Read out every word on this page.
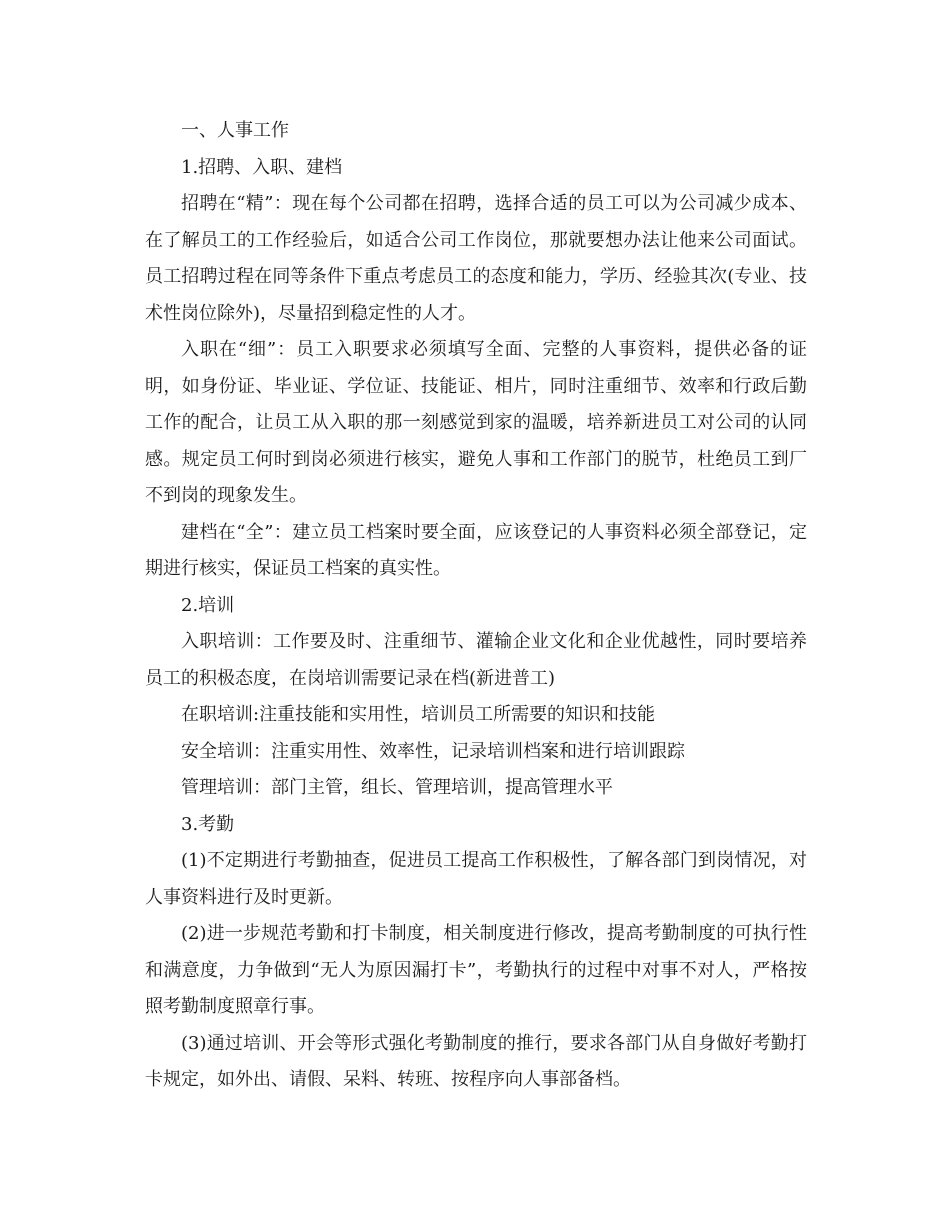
一、人事工作

1.招聘、入职、建档

招聘在“精”：现在每个公司都在招聘，选择合适的员工可以为公司减少成本、在了解员工的工作经验后，如适合公司工作岗位，那就要想办法让他来公司面试。员工招聘过程在同等条件下重点考虑员工的态度和能力，学历、经验其次(专业、技术性岗位除外)，尽量招到稳定性的人才。

入职在“细”：员工入职要求必须填写全面、完整的人事资料，提供必备的证明，如身份证、毕业证、学位证、技能证、相片，同时注重细节、效率和行政后勤工作的配合，让员工从入职的那一刻感觉到家的温暖，培养新进员工对公司的认同感。规定员工何时到岗必须进行核实，避免人事和工作部门的脱节，杜绝员工到厂不到岗的现象发生。

建档在“全”：建立员工档案时要全面，应该登记的人事资料必须全部登记，定期进行核实，保证员工档案的真实性。

2.培训

入职培训：工作要及时、注重细节、灌输企业文化和企业优越性，同时要培养员工的积极态度，在岗培训需要记录在档(新进普工)

在职培训:注重技能和实用性，培训员工所需要的知识和技能

安全培训：注重实用性、效率性，记录培训档案和进行培训跟踪

管理培训：部门主管，组长、管理培训，提高管理水平

3.考勤

(1)不定期进行考勤抽查，促进员工提高工作积极性，了解各部门到岗情况，对人事资料进行及时更新。

(2)进一步规范考勤和打卡制度，相关制度进行修改，提高考勤制度的可执行性和满意度，力争做到“无人为原因漏打卡”，考勤执行的过程中对事不对人，严格按照考勤制度照章行事。

(3)通过培训、开会等形式强化考勤制度的推行，要求各部门从自身做好考勤打卡规定，如外出、请假、呆料、转班、按程序向人事部备档。
